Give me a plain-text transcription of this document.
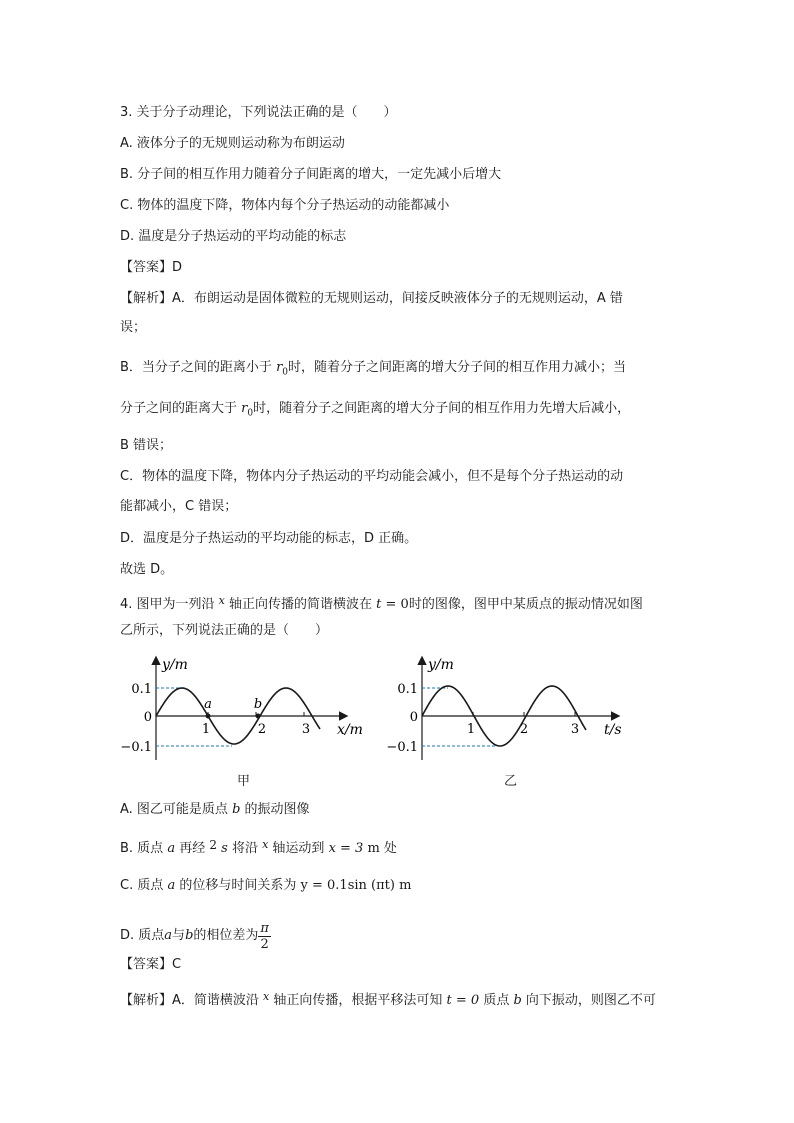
3. 关于分子动理论，下列说法正确的是（　　）
A. 液体分子的无规则运动称为布朗运动
B. 分子间的相互作用力随着分子间距离的增大，一定先减小后增大
C. 物体的温度下降，物体内每个分子热运动的动能都减小
D. 温度是分子热运动的平均动能的标志
【答案】D
【解析】A．布朗运动是固体微粒的无规则运动，间接反映液体分子的无规则运动，A 错
误；
B．当分子之间的距离小于 $r_0$时，随着分子之间距离的增大分子间的相互作用力减小；当
分子之间的距离大于 $r_0$时，随着分子之间距离的增大分子间的相互作用力先增大后减小，
B 错误；
C．物体的温度下降，物体内分子热运动的平均动能会减小，但不是每个分子热运动的动
能都减小，C 错误；
D．温度是分子热运动的平均动能的标志，D 正确。
故选 D。
4. 图甲为一列沿 $^x$ 轴正向传播的简谐横波在 t = 0时的图像，图甲中某质点的振动情况如图
乙所示，下列说法正确的是（　　）
a	b
y/m
0.1
0
−0.1
1	2	3 x/m
甲
y/m
0.1
0
−0.1
1	2	3 t/s
乙
A. 图乙可能是质点 b 的振动图像
B. 质点 a 再经 2 s 将沿 $^x$ 轴运动到 x = 3 m 处
C. 质点 a 的位移与时间关系为 y = 0.1sin (πt) m
D. 质点 a 与 b 的相位差为 $\frac{\pi}{2}$
【答案】C
【解析】A．简谐横波沿 $^x$ 轴正向传播，根据平移法可知 t = 0 质点 b 向下振动，则图乙不可
